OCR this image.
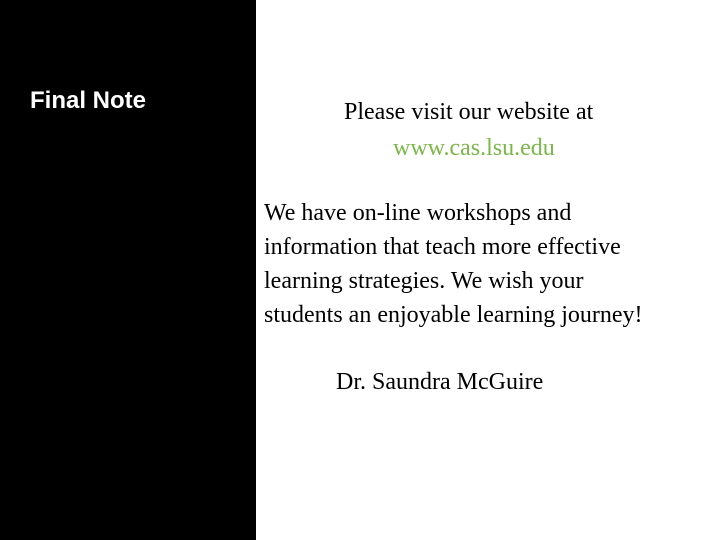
Final Note	Please visit our website at

www.cas.lsu.edu
We have on-line workshops and
information that teach more effective
learning strategies. We wish your
students an enjoyable learning journey!

Dr. Saundra McGuire
